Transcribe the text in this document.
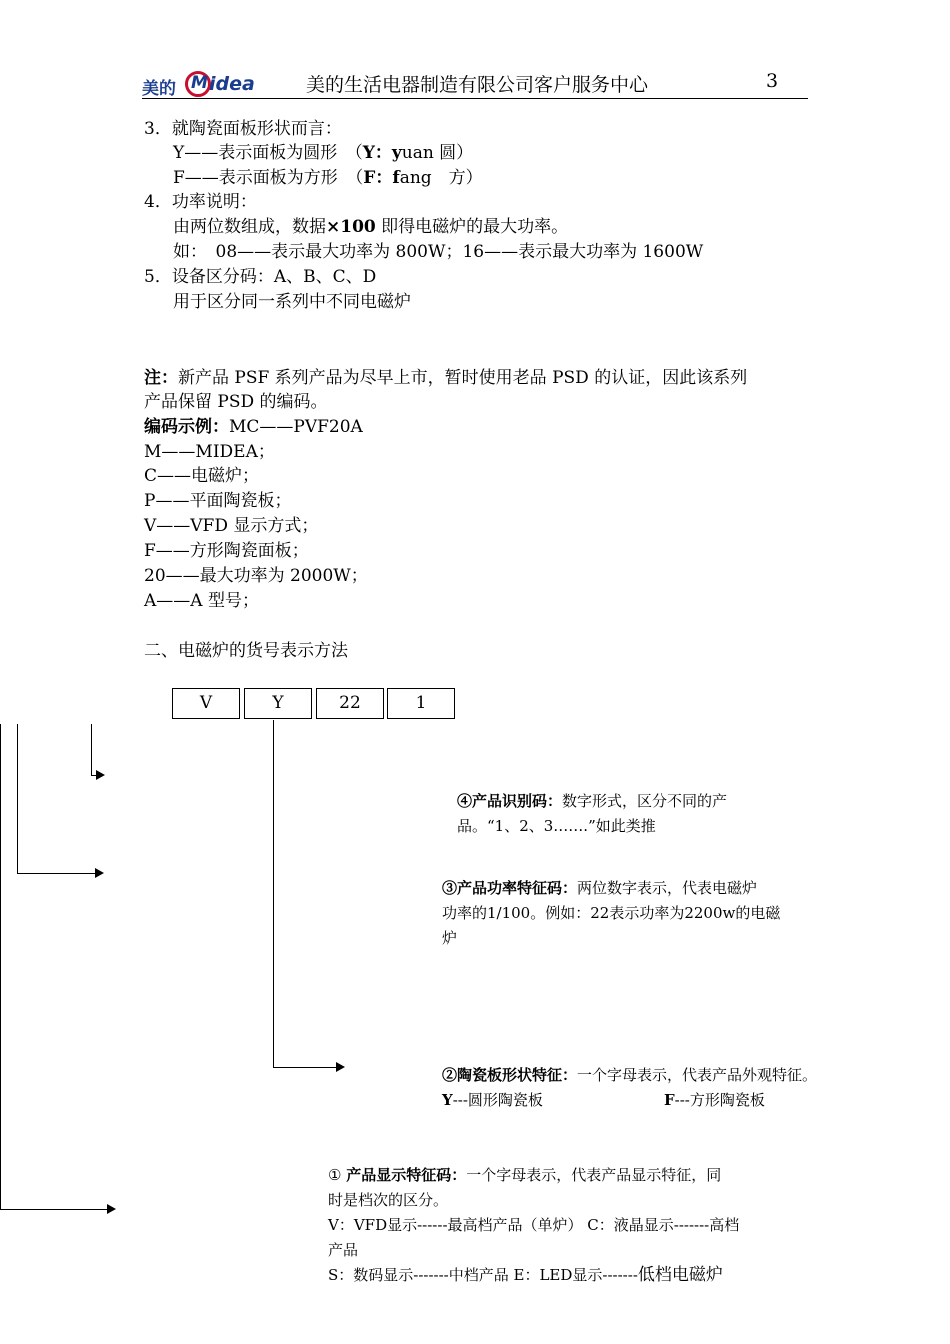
美的 M idea	美的生活电器制造有限公司客户服务中心	3
3．就陶瓷面板形状而言：
Y——表示面板为圆形　（Y：yuan 圆）
F——表示面板为方形　（F：fang　方）
4．功率说明：
由两位数组成，数据×100 即得电磁炉的最大功率。
如：　08——表示最大功率为 800W；16——表示最大功率为 1600W
5．设备区分码：A、B、C、D
用于区分同一系列中不同电磁炉
注：新产品 PSF 系列产品为尽早上市，暂时使用老品 PSD 的认证，因此该系列
产品保留 PSD 的编码。
编码示例：MC——PVF20A
M——MIDEA；
C——电磁炉；
P——平面陶瓷板；
V——VFD 显示方式；
F——方形陶瓷面板；
20——最大功率为 2000W；
A——A 型号；
二、电磁炉的货号表示方法
V	Y	22	1
④产品识别码：数字形式，区分不同的产
品。“1、2、3…….”如此类推
③产品功率特征码：两位数字表示，代表电磁炉
功率的1/100。例如：22表示功率为2200w的电磁
炉
②陶瓷板形状特征：一个字母表示，代表产品外观特征。
Y---圆形陶瓷板	F---方形陶瓷板
① 产品显示特征码：一个字母表示，代表产品显示特征，同
时是档次的区分。
V：VFD显示------最高档产品（单炉） C：液晶显示-------高档
产品
S：数码显示-------中档产品 E：LED显示-------低档电磁炉
